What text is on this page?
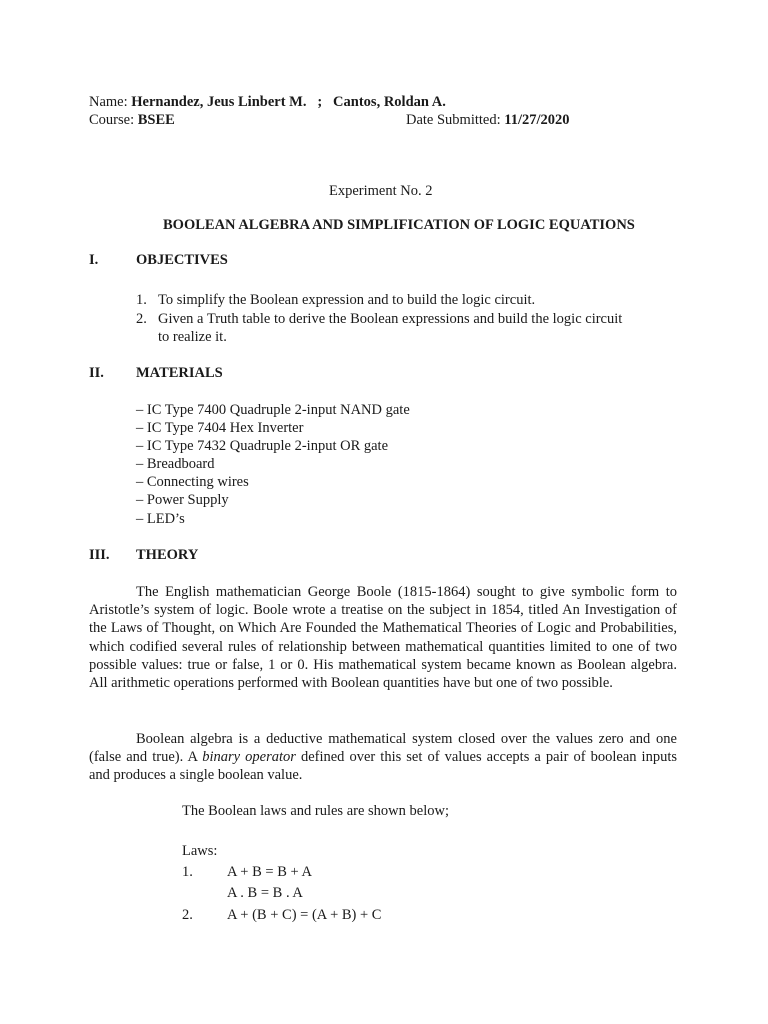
Name: Hernandez, Jeus Linbert M.   ;   Cantos, Roldan A.
Course: BSEE	Date Submitted: 11/27/2020
Experiment No. 2
BOOLEAN ALGEBRA AND SIMPLIFICATION OF LOGIC EQUATIONS
I.	OBJECTIVES
1. To simplify the Boolean expression and to build the logic circuit.
2. Given a Truth table to derive the Boolean expressions and build the logic circuit
to realize it.
II. MATERIALS
– IC Type 7400 Quadruple 2-input NAND gate
– IC Type 7404 Hex Inverter
– IC Type 7432 Quadruple 2-input OR gate
– Breadboard
– Connecting wires
– Power Supply
– LED’s
III. THEORY
The English mathematician George Boole (1815-1864) sought to give symbolic form to Aristotle’s system of logic. Boole wrote a treatise on the subject in 1854, titled An Investigation of the Laws of Thought, on Which Are Founded the Mathematical Theories of Logic and Probabilities, which codified several rules of relationship between mathematical quantities limited to one of two possible values: true or false, 1 or 0. His mathematical system became known as Boolean algebra. All arithmetic operations performed with Boolean quantities have but one of two possible.
Boolean algebra is a deductive mathematical system closed over the values zero and one (false and true). A binary operator defined over this set of values accepts a pair of boolean inputs and produces a single boolean value.
The Boolean laws and rules are shown below;
Laws:
1. A + B = B + A
A . B = B . A
2. A + (B + C) = (A + B) + C
